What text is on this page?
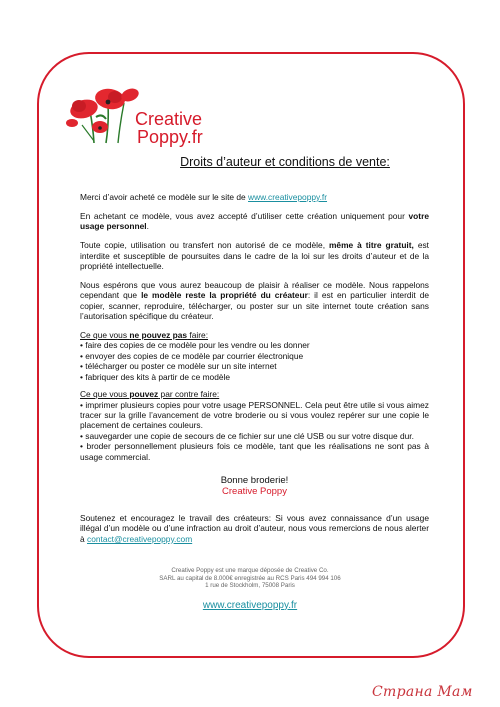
Creative
Poppy.fr
Droits d’auteur et conditions de vente:

Merci d’avoir acheté ce modèle sur le site de www.creativepoppy.fr

En achetant ce modèle, vous avez accepté d’utiliser cette création uniquement pour votre usage personnel.

Toute copie, utilisation ou transfert non autorisé de ce modèle, même à titre gratuit, est interdite et susceptible de poursuites dans le cadre de la loi sur les droits d’auteur et de la propriété intellectuelle.

Nous espérons que vous aurez beaucoup de plaisir à réaliser ce modèle. Nous rappelons cependant que le modèle reste la propriété du créateur: il est en particulier interdit de copier, scanner, reproduire, télécharger, ou poster sur un site internet toute création sans l’autorisation spécifique du créateur.

Ce que vous ne pouvez pas faire:
• faire des copies de ce modèle pour les vendre ou les donner
• envoyer des copies de ce modèle par courrier électronique
• télécharger ou poster ce modèle sur un site internet
• fabriquer des kits à partir de ce modèle
Ce que vous pouvez par contre faire:
• imprimer plusieurs copies pour votre usage PERSONNEL. Cela peut être utile si vous aimez tracer sur la grille l’avancement de votre broderie ou si vous voulez repérer sur une copie le placement de certaines couleurs.
• sauvegarder une copie de secours de ce fichier sur une clé USB ou sur votre disque dur.
• broder personnellement plusieurs fois ce modèle, tant que les réalisations ne sont pas à usage commercial.
Bonne broderie!
Creative Poppy

Soutenez et encouragez le travail des créateurs: Si vous avez connaissance d’un usage illégal d’un modèle ou d’une infraction au droit d’auteur, nous vous remercions de nous alerter à contact@creativepoppy.com

Creative Poppy est une marque déposée de Creative Co.
SARL au capital de 8.000€ enregistrée au RCS Paris 494 994 106
1 rue de Stockholm, 75008 Paris
www.creativepoppy.fr
Страна Мам
